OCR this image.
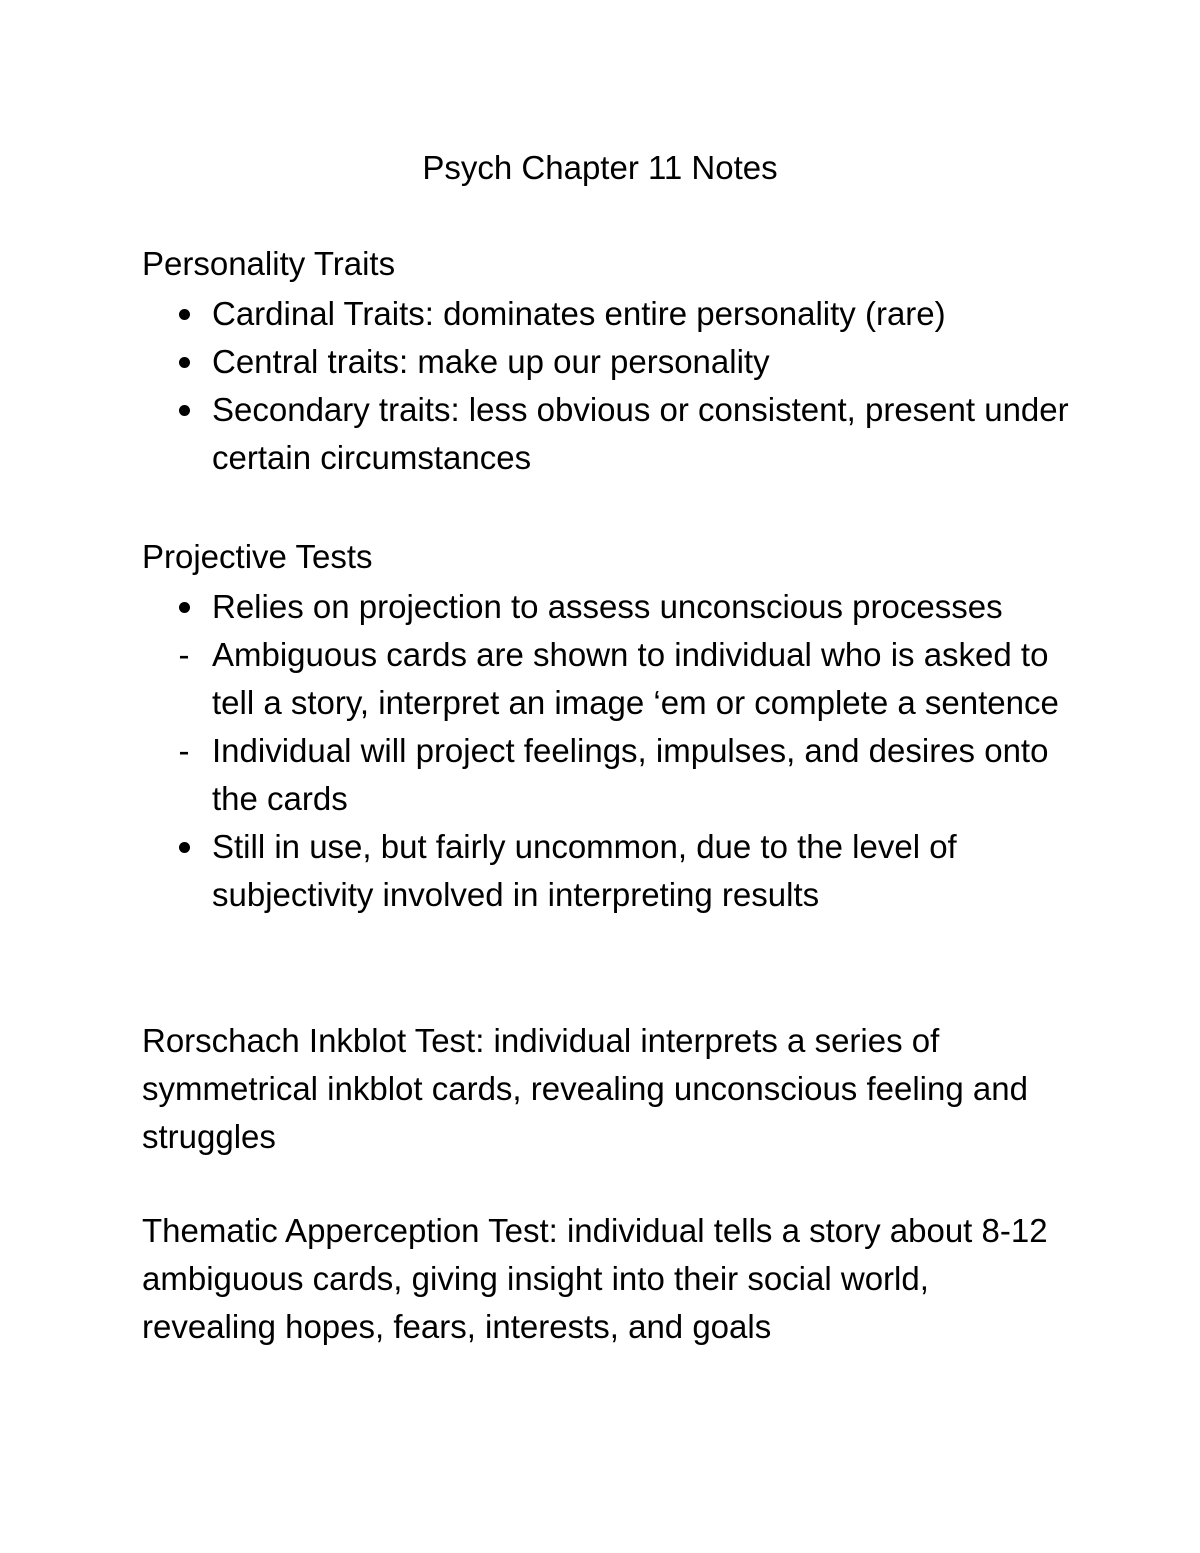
Psych Chapter 11 Notes
Personality Traits
Cardinal Traits: dominates entire personality (rare)
Central traits: make up our personality
Secondary traits: less obvious or consistent, present under certain circumstances
Projective Tests
Relies on projection to assess unconscious processes
- Ambiguous cards are shown to individual who is asked to tell a story, interpret an image ‘em or complete a sentence
- Individual will project feelings, impulses, and desires onto the cards
Still in use, but fairly uncommon, due to the level of subjectivity involved in interpreting results

Rorschach Inkblot Test: individual interprets a series of symmetrical inkblot cards, revealing unconscious feeling and struggles

Thematic Apperception Test: individual tells a story about 8-12 ambiguous cards, giving insight into their social world, revealing hopes, fears, interests, and goals
